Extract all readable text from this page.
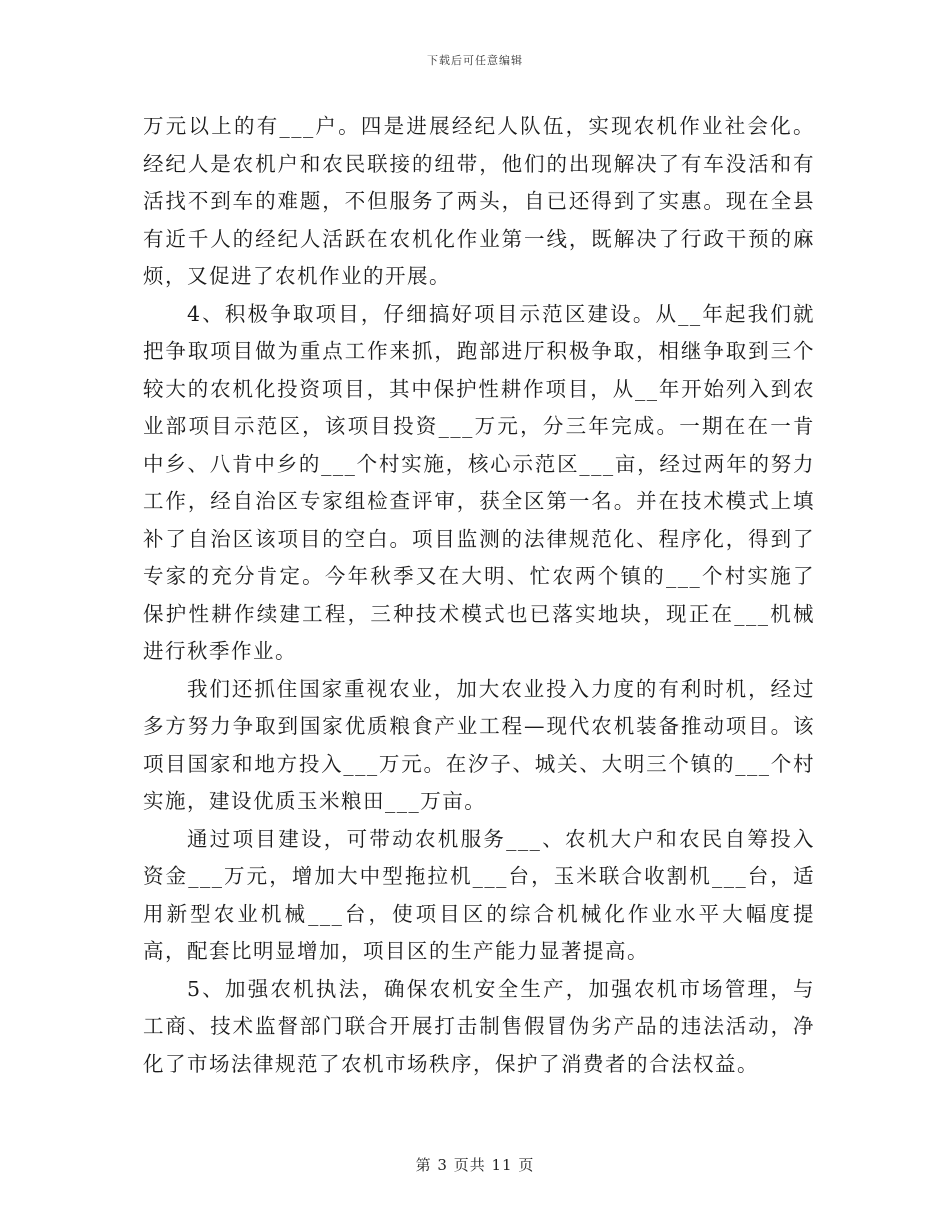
下载后可任意编辑

万元以上的有___户。四是进展经纪人队伍，实现农机作业社会化。经纪人是农机户和农民联接的纽带，他们的出现解决了有车没活和有活找不到车的难题，不但服务了两头，自已还得到了实惠。现在全县有近千人的经纪人活跃在农机化作业第一线，既解决了行政干预的麻烦，又促进了农机作业的开展。

4、积极争取项目，仔细搞好项目示范区建设。从__年起我们就把争取项目做为重点工作来抓，跑部进厅积极争取，相继争取到三个较大的农机化投资项目，其中保护性耕作项目，从__年开始列入到农业部项目示范区，该项目投资___万元，分三年完成。一期在在一肯中乡、八肯中乡的___个村实施，核心示范区___亩，经过两年的努力工作，经自治区专家组检查评审，获全区第一名。并在技术模式上填补了自治区该项目的空白。项目监测的法律规范化、程序化，得到了专家的充分肯定。今年秋季又在大明、忙农两个镇的___个村实施了保护性耕作续建工程，三种技术模式也已落实地块，现正在___机械进行秋季作业。

我们还抓住国家重视农业，加大农业投入力度的有利时机，经过多方努力争取到国家优质粮食产业工程—现代农机装备推动项目。该项目国家和地方投入___万元。在汐子、城关、大明三个镇的___个村实施，建设优质玉米粮田___万亩。

通过项目建设，可带动农机服务___、农机大户和农民自筹投入资金___万元，增加大中型拖拉机___台，玉米联合收割机___台，适用新型农业机械___台，使项目区的综合机械化作业水平大幅度提高，配套比明显增加，项目区的生产能力显著提高。

5、加强农机执法，确保农机安全生产，加强农机市场管理，与工商、技术监督部门联合开展打击制售假冒伪劣产品的违法活动，净化了市场法律规范了农机市场秩序，保护了消费者的合法权益。

第 3 页共 11 页
